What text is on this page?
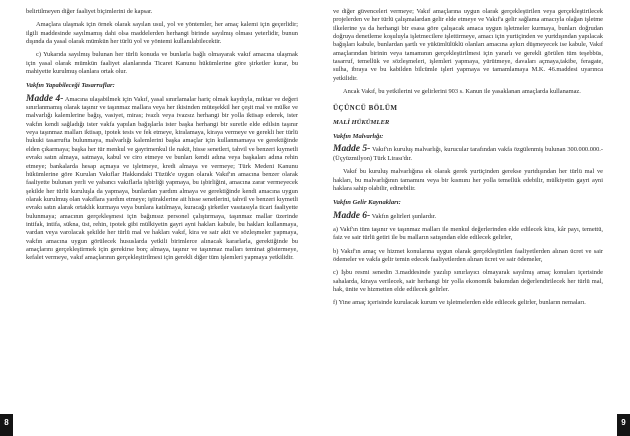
belirtilmeyen diğer faaliyet biçimlerini de kapsar.

Amaçlara ulaşmak için örnek olarak sayılan usul, yol ve yöntemler, her amaç kalemi için geçerlidir; ilgili maddesinde sayılmamış dahi olsa maddelerden herhangi birinde sayılmış olması yeterlidir, bunun dışında da yasal olarak mümkün her türlü yol ve yöntemi kullanılabilecektir.

c) Yukarıda sayılmış bulunan her türlü konuda ve bunlarla bağlı olmayarak vakıf amacına ulaşmak için yasal olarak mümkün faaliyet alanlarında Ticaret Kanunu hükümlerine göre şirketler kurar, bu mahiyette kurulmuş olanlara ortak olur.

Vakfın Yapabileceği Tasarruflar:

Madde 4- Amacına ulaşabilmek için Vakıf, yasal sınırlamalar hariç olmak kaydıyla, miktar ve değeri sınırlanmamış olarak taşınır ve taşınmaz mallara veya her ikisinden müteşekkil her çeşit mal ve mülke ve malvarlığı kalemlerine bağış, vasiyet, miras; ivazlı veya ivazsız herhangi bir yolla iktisap ederek, ister vakfın kendi sağladığı ister vakfa yapılan bağışlarla ister başka herhangi bir suretle elde edilsin taşınır veya taşınmaz malları iktisap, ipotek tesis ve fek etmeye, kiralamaya, kiraya vermeye ve gerekli her türlü hukuki tasarrufta bulunmaya, malvarlığı kalemlerini başka amaçlar için kullanmamaya ve gerektiğinde elden çıkarmaya; başka her tür menkul ve gayrimenkul ile nakit, hisse senetleri, tahvil ve benzeri kıymetli evrakı satın almaya, satmaya, kabul ve ciro etmeye ve bunları kendi adına veya başkaları adına rehin etmeye; bankalarda hesap açmaya ve işletmeye, kredi almaya ve vermeye; Türk Medeni Kanunu hükümlerine göre Kurulan Vakıflar Hakkındaki Tüzük'e uygun olarak Vakıf'ın amacına benzer olarak faaliyette bulunan yerli ve yabancı vakıflarla işbirliği yapmaya, bu işbirliğini, amacına zarar vermeyecek şekilde her türlü kuruluşla da yapmaya, bunlardan yardım almaya ve gerektiğinde kendi amacına uygun olarak kurulmuş olan vakıflara yardım etmeye; iştiraklerine ait hisse senetlerini, tahvil ve benzeri kıymetli evrakı satın alarak ortaklık kurmaya veya bunlara katılmaya, kuracağı şirketler vasıtasıyla ticari faaliyette bulunmaya; amacının gerçekleşmesi için bağımsız personel çalıştırmaya, taşınmaz mallar üzerinde intifak, intifa, sükna, üst, rehin, ipotek gibi mülkiyetin gayri ayni hakları kabule, bu hakları kullanmaya, vardan veya varolacak şekilde her türlü mal ve hakları vakıf, kira ve sair akit ve sözleşmeler yapmaya, vakfın amacına uygun görülecek hususlarda yetkili birimlerce alınacak kararlarla, gerektiğinde bu amaçlarını gerçekleştirmek için gerekirse borç almaya, taşınır ve taşınmaz malları teminat göstermeye, kefalet vermeye, vakıf amaçlarının gerçekleştirilmesi için gerekli diğer tüm işlemleri yapmaya yetkilidir.

ve diğer güvenceleri vermeye; Vakıf amaçlarına uygun olarak gerçekleştirilen veya gerçekleştirilecek projelerden ve her türlü çalışmalardan gelir elde etmeye ve Vakıf'a gelir sağlama amacıyla olağan işletme ilkelerine ya da herhangi bir esasa göre çalışacak amaca uygun işletmeler kurmaya, bunları doğrudan doğruya denetleme koşuluyla işletmecilere işlettirmeye, amacı için yurtiçinden ve yurtdışından yapılacak bağışları kabule, bunlardan şartlı ve yükümlülüklü olanları amacına aykırı düşmeyecek ise kabule, Vakıf amaçlarından birinin veya tamamının gerçekleştirilmesi için yararlı ve gerekli görülen tüm teşebbüs, tasarruf, temellük ve sözleşmeleri, işlemleri yapmaya, yürütmeye, davaları açmaya,takibe, feragate, sulha, ibraya ve bu kabilden bilcümle işleri yapmaya ve tamamlamaya M.K. 46.maddesi uyarınca yetkilidir.

Ancak Vakıf, bu yetkilerini ve gelirlerini 903 s. Kanun ile yasaklanan amaçlarda kullanamaz.

ÜÇÜNCÜ BÖLÜM
MALİ HÜKÜMLER
Vakfın Malvarlığı:

Madde 5- Vakıf'ın kuruluş malvarlığı, kurucular tarafından vakfa özgülenmiş bulunan 300.000.000.- (Üçyüzmilyon) Türk Lirası'dır.

Vakıf bu kuruluş malvarlığına ek olarak gerek yurtiçinden gerekse yurtdışından her türlü mal ve hakları, bu malvarlığının tamamını veya bir kısmını her yolla temellük edebilir, mülkiyetin gayri ayni haklara sahip olabilir, edinebilir.

Vakfın Gelir Kaynakları:

Madde 6- Vakfın gelirleri şunlardır.

a) Vakf'ın tüm taşınır ve taşınmaz malları ile menkul değerlerinden elde edilecek kira, kâr payı, temettü, faiz ve sair türlü getiri ile bu malların satışından elde edilecek gelirler,

b) Vakıf'ın amaç ve hizmet konularına uygun olarak gerçekleştirilen faaliyetlerden alınan ücret ve sair ödemeler ve vakfa gelir temin edecek faaliyetlerden alınan ücret ve sair ödemeler,

c) İşbu resmi senedin 3.maddesinde yazılıp sınırlayıcı olmayarak sayılmış amaç konuları içerisinde sahalarda, kiraya verilecek, sair herhangi bir yolla ekonomik bakımdan değerlendirilecek her türlü mal, hak, ünite ve hizmetten elde edilecek gelirler.

f) Yine amaç içerisinde kurulacak kurum ve işletmelerden elde edilecek gelirler, bunların nemaları.

8	9
